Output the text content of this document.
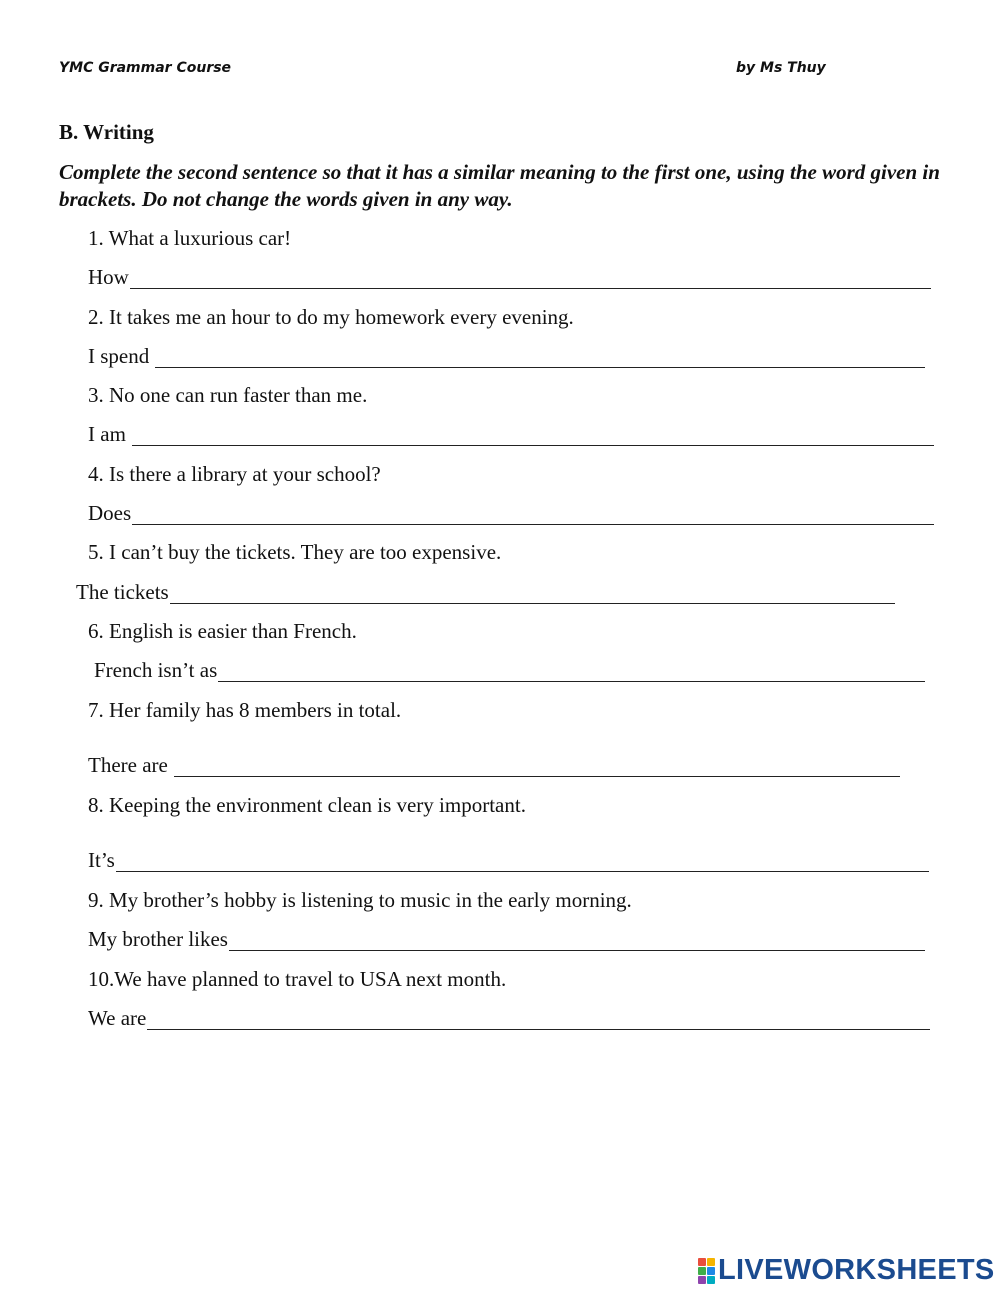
YMC Grammar Course	by Ms Thuy
B. Writing
Complete the second sentence so that it has a similar meaning to the first one, using the word given in brackets. Do not change the words given in any way.
1. What a luxurious car!
How
2. It takes me an hour to do my homework every evening.
I spend
3. No one can run faster than me.
I am
4. Is there a library at your school?
Does
5. I can’t buy the tickets. They are too expensive.
The tickets
6. English is easier than French.
French isn’t as
7. Her family has 8 members in total.
There are
8. Keeping the environment clean is very important.
It’s
9. My brother’s hobby is listening to music in the early morning.
My brother likes
10.We have planned to travel to USA next month.
We are
LIVEWORKSHEETS
